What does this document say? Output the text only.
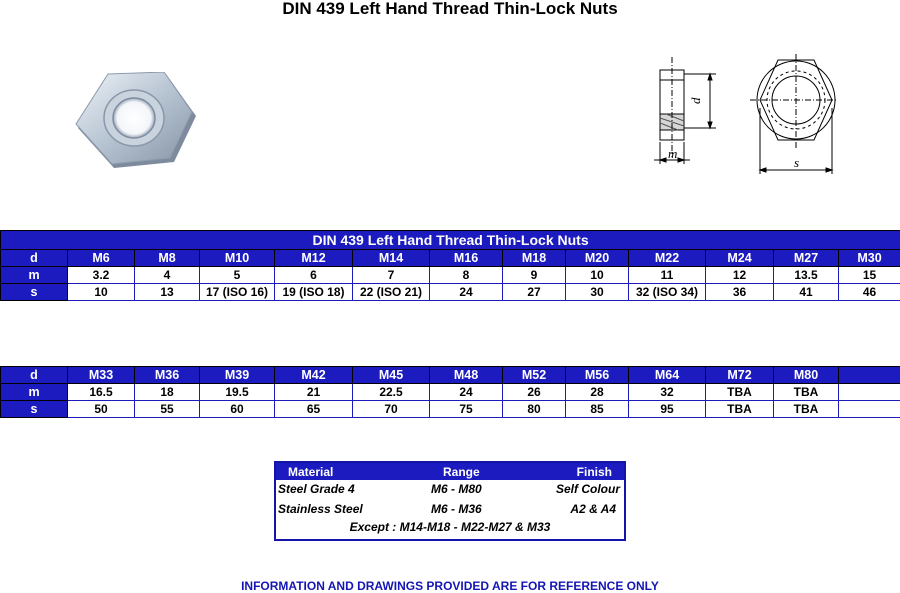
DIN 439 Left Hand Thread Thin-Lock Nuts
d
m
s
DIN 439 Left Hand Thread Thin-Lock Nuts												
d	M6	M8	M10	M12	M14	M16	M18	M20	M22	M24	M27	M30
m	3.2	4	5	6	7	8	9	10	11	12	13.5	15
s	10	13	17 (ISO 16)	19 (ISO 18)	22 (ISO 21)	24	27	30	32 (ISO 34)	36	41	46
d	M33	M36	M39	M42	M45	M48	M52	M56	M64	M72	M80	
m	16.5	18	19.5	21	22.5	24	26	28	32	TBA	TBA	
s	50	55	60	65	70	75	80	85	95	TBA	TBA	
Material	Range	Finish
Steel Grade 4	M6 - M80	Self Colour
Stainless Steel	M6 - M36	A2 & A4
Except : M14-M18 - M22-M27 & M33
INFORMATION AND DRAWINGS PROVIDED ARE FOR REFERENCE ONLY
